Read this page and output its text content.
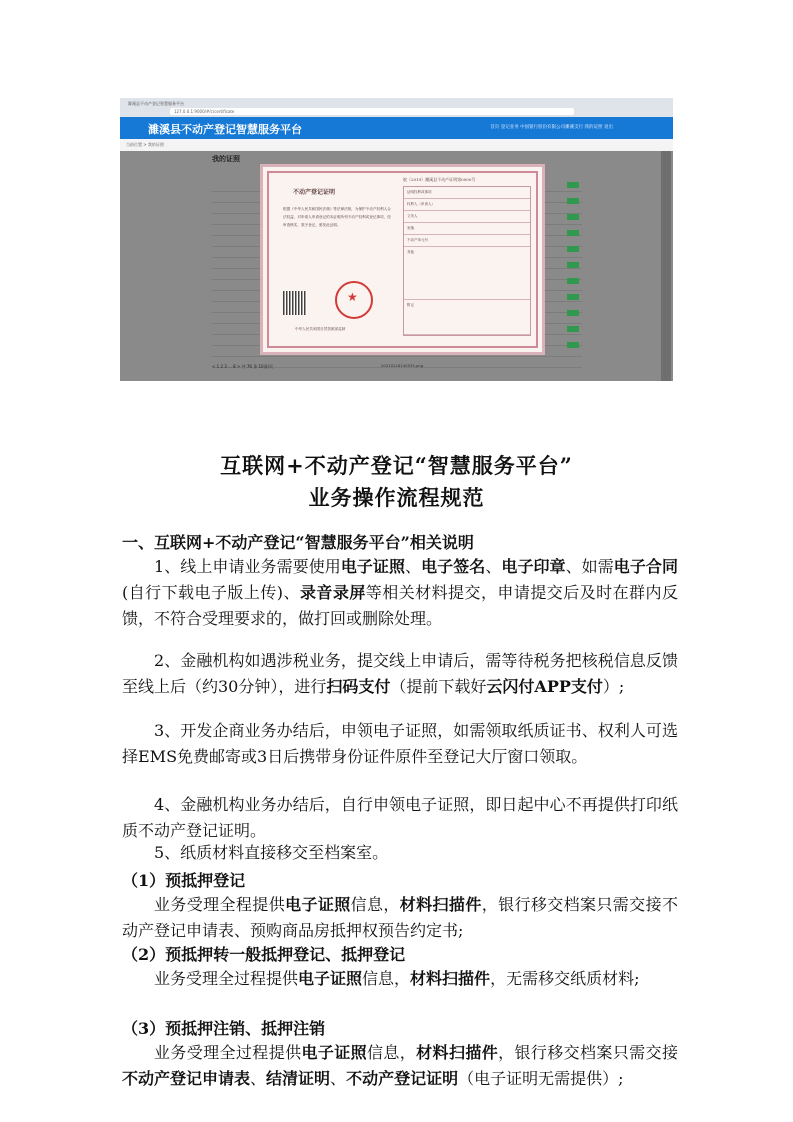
滁溪县不动产登记智慧服务平台
127.0.0.1:9000/#/c/certificate
濉溪县不动产登记智慧服务平台	首页 登记业务 中国银行股份有限公司濉溪支行 我的证照 退出
当前位置 > 我的证照
我的证照
< 1 2 3 ... 8 > 共 76 条 10条/页
不动产登记证明
根据《中华人民共和国民法典》等法律法规，为保护不动产权利人合法权益，对申请人申请登记的本证明所列不动产权利或登记事项，经审查核实，准予登记，颁发此证明。
★
中华人民共和国自然资源部监制
皖（2019）濉溪县不动产证明第0000号
证明权利或事项
权利人（申请人）
义务人
坐落
不动产单元号
其他
附记
20210218140535.png
互联网+不动产登记“智慧服务平台”
业务操作流程规范
一、互联网+不动产登记“智慧服务平台”相关说明
1、线上申请业务需要使用电子证照、电子签名、电子印章、如需电子合同(自行下载电子版上传)、录音录屏等相关材料提交，申请提交后及时在群内反馈，不符合受理要求的，做打回或删除处理。
2、金融机构如遇涉税业务，提交线上申请后，需等待税务把核税信息反馈至线上后（约30分钟），进行扫码支付（提前下载好云闪付APP支付）;
3、开发企商业务办结后，申领电子证照，如需领取纸质证书、权利人可选择EMS免费邮寄或3日后携带身份证件原件至登记大厅窗口领取。
4、金融机构业务办结后，自行申领电子证照，即日起中心不再提供打印纸质不动产登记证明。
5、纸质材料直接移交至档案室。
（1）预抵押登记
业务受理全程提供电子证照信息，材料扫描件，银行移交档案只需交接不动产登记申请表、预购商品房抵押权预告约定书;
（2）预抵押转一般抵押登记、抵押登记
业务受理全过程提供电子证照信息，材料扫描件，无需移交纸质材料;
（3）预抵押注销、抵押注销
业务受理全过程提供电子证照信息，材料扫描件，银行移交档案只需交接不动产登记申请表、结清证明、不动产登记证明（电子证明无需提供）;
